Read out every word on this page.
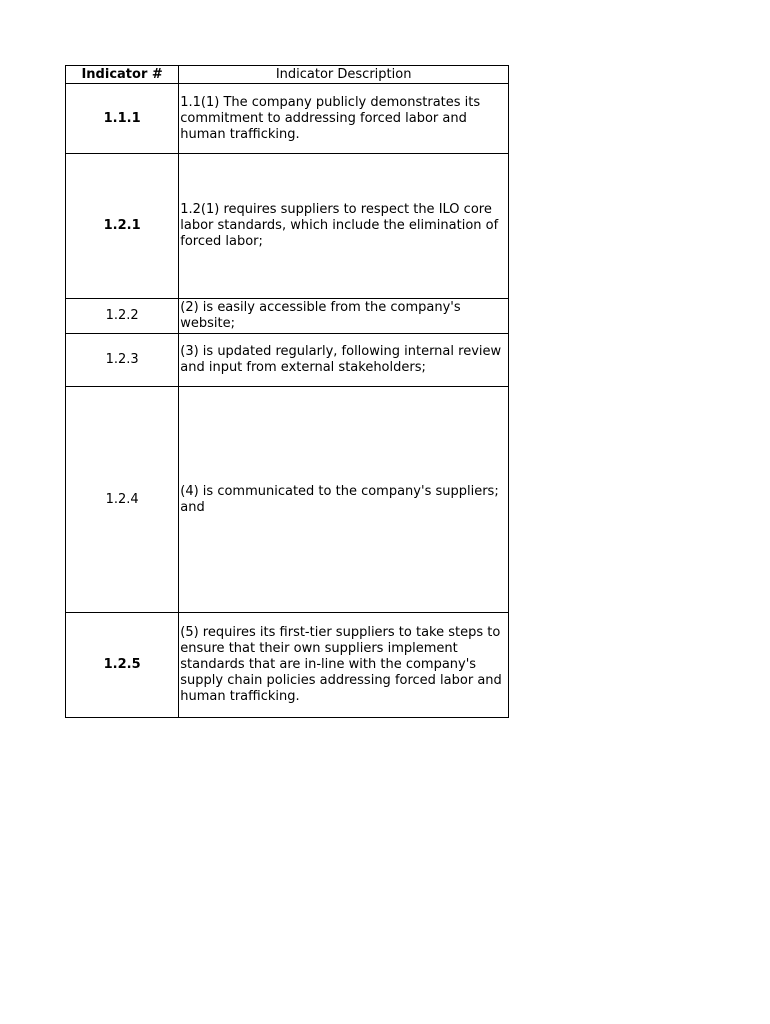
Indicator #	Indicator Description
1.1.1	1.1(1) The company publicly demonstrates its commitment to addressing forced labor and human trafficking.
1.2.1	1.2(1) requires suppliers to respect the ILO core labor standards, which include the elimination of forced labor;
1.2.2	(2) is easily accessible from the company's website;
1.2.3	(3) is updated regularly, following internal review and input from external stakeholders;
1.2.4	(4) is communicated to the company's suppliers; and
1.2.5	(5) requires its first-tier suppliers to take steps to ensure that their own suppliers implement standards that are in-line with the company's supply chain policies addressing forced labor and human trafficking.
